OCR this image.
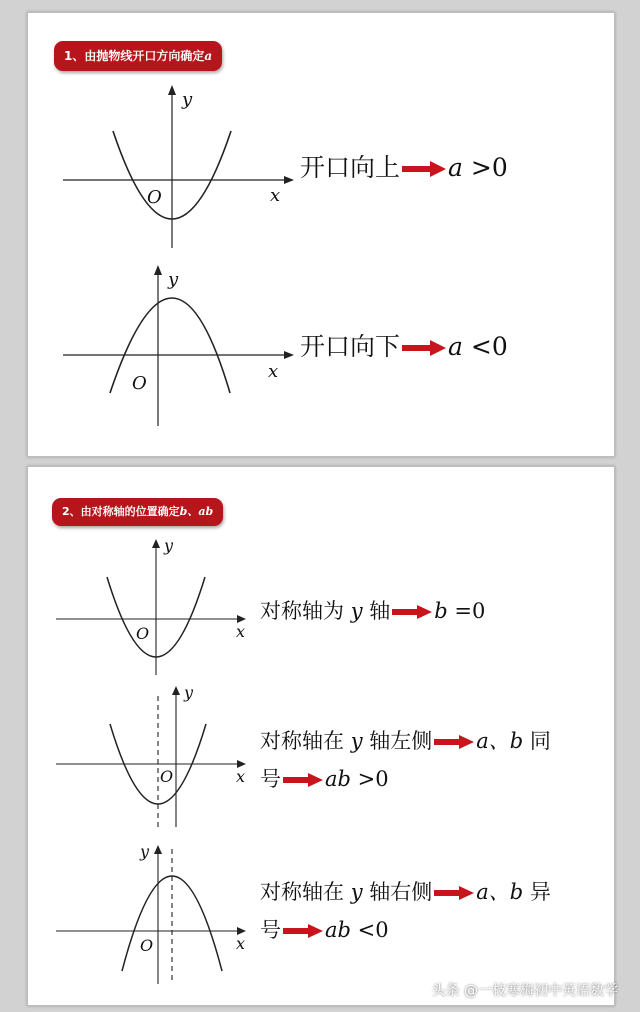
1、由抛物线开口方向确定a
y
x
O
开口向上 a >0
y
x
O
开口向下 a <0
2、由对称轴的位置确定b、ab
y
x
O
对称轴为 y 轴 b =0
y
x
O
对称轴在 y 轴左侧 a、b 同
号 ab >0
y
x
O
对称轴在 y 轴右侧 a、b 异
号 ab <0
头条 @一枝寒梅初中英语数学
